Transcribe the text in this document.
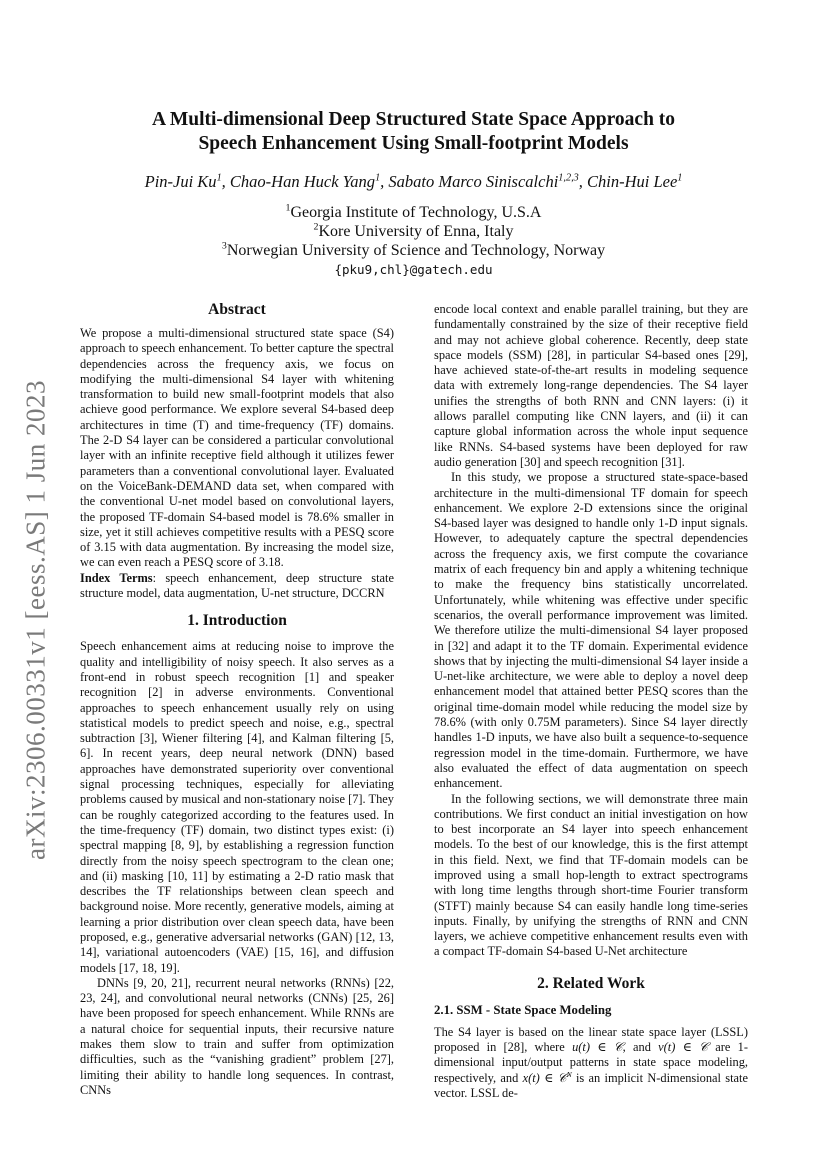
arXiv:2306.00331v1 [eess.AS] 1 Jun 2023
A Multi-dimensional Deep Structured State Space Approach to
Speech Enhancement Using Small-footprint Models

Pin-Jui Ku$^1$, Chao-Han Huck Yang$^1$, Sabato Marco Siniscalchi$^{1,2,3}$, Chin-Hui Lee$^1$

$^1$Georgia Institute of Technology, U.S.A
$^2$Kore University of Enna, Italy
$^3$Norwegian University of Science and Technology, Norway
{pku9,chl}@gatech.edu
Abstract

We propose a multi-dimensional structured state space (S4) approach to speech enhancement. To better capture the spectral dependencies across the frequency axis, we focus on modifying the multi-dimensional S4 layer with whitening transformation to build new small-footprint models that also achieve good performance. We explore several S4-based deep architectures in time (T) and time-frequency (TF) domains. The 2-D S4 layer can be considered a particular convolutional layer with an infinite receptive field although it utilizes fewer parameters than a conventional convolutional layer. Evaluated on the VoiceBank-DEMAND data set, when compared with the conventional U-net model based on convolutional layers, the proposed TF-domain S4-based model is 78.6% smaller in size, yet it still achieves competitive results with a PESQ score of 3.15 with data augmentation. By increasing the model size, we can even reach a PESQ score of 3.18.

Index Terms: speech enhancement, deep structure state structure model, data augmentation, U-net structure, DCCRN

1. Introduction

Speech enhancement aims at reducing noise to improve the quality and intelligibility of noisy speech. It also serves as a front-end in robust speech recognition [1] and speaker recognition [2] in adverse environments. Conventional approaches to speech enhancement usually rely on using statistical models to predict speech and noise, e.g., spectral subtraction [3], Wiener filtering [4], and Kalman filtering [5, 6]. In recent years, deep neural network (DNN) based approaches have demonstrated superiority over conventional signal processing techniques, especially for alleviating problems caused by musical and non-stationary noise [7]. They can be roughly categorized according to the features used. In the time-frequency (TF) domain, two distinct types exist: (i) spectral mapping [8, 9], by establishing a regression function directly from the noisy speech spectrogram to the clean one; and (ii) masking [10, 11] by estimating a 2-D ratio mask that describes the TF relationships between clean speech and background noise. More recently, generative models, aiming at learning a prior distribution over clean speech data, have been proposed, e.g., generative adversarial networks (GAN) [12, 13, 14], variational autoencoders (VAE) [15, 16], and diffusion models [17, 18, 19].

DNNs [9, 20, 21], recurrent neural networks (RNNs) [22, 23, 24], and convolutional neural networks (CNNs) [25, 26] have been proposed for speech enhancement. While RNNs are a natural choice for sequential inputs, their recursive nature makes them slow to train and suffer from optimization difficulties, such as the “vanishing gradient” problem [27], limiting their ability to handle long sequences. In contrast, CNNs

encode local context and enable parallel training, but they are fundamentally constrained by the size of their receptive field and may not achieve global coherence. Recently, deep state space models (SSM) [28], in particular S4-based ones [29], have achieved state-of-the-art results in modeling sequence data with extremely long-range dependencies. The S4 layer unifies the strengths of both RNN and CNN layers: (i) it allows parallel computing like CNN layers, and (ii) it can capture global information across the whole input sequence like RNNs. S4-based systems have been deployed for raw audio generation [30] and speech recognition [31].

In this study, we propose a structured state-space-based architecture in the multi-dimensional TF domain for speech enhancement. We explore 2-D extensions since the original S4-based layer was designed to handle only 1-D input signals. However, to adequately capture the spectral dependencies across the frequency axis, we first compute the covariance matrix of each frequency bin and apply a whitening technique to make the frequency bins statistically uncorrelated. Unfortunately, while whitening was effective under specific scenarios, the overall performance improvement was limited. We therefore utilize the multi-dimensional S4 layer proposed in [32] and adapt it to the TF domain. Experimental evidence shows that by injecting the multi-dimensional S4 layer inside a U-net-like architecture, we were able to deploy a novel deep enhancement model that attained better PESQ scores than the original time-domain model while reducing the model size by 78.6% (with only 0.75M parameters). Since S4 layer directly handles 1-D inputs, we have also built a sequence-to-sequence regression model in the time-domain. Furthermore, we have also evaluated the effect of data augmentation on speech enhancement.

In the following sections, we will demonstrate three main contributions. We first conduct an initial investigation on how to best incorporate an S4 layer into speech enhancement models. To the best of our knowledge, this is the first attempt in this field. Next, we find that TF-domain models can be improved using a small hop-length to extract spectrograms with long time lengths through short-time Fourier transform (STFT) mainly because S4 can easily handle long time-series inputs. Finally, by unifying the strengths of RNN and CNN layers, we achieve competitive enhancement results even with a compact TF-domain S4-based U-Net architecture

2. Related Work
2.1. SSM - State Space Modeling

The S4 layer is based on the linear state space layer (LSSL) proposed in [28], where u(t) ∈ 𝒞, and v(t) ∈ 𝒞 are 1-dimensional input/output patterns in state space modeling, respectively, and x(t) ∈ 𝒞$^N$ is an implicit N-dimensional state vector. LSSL de-
